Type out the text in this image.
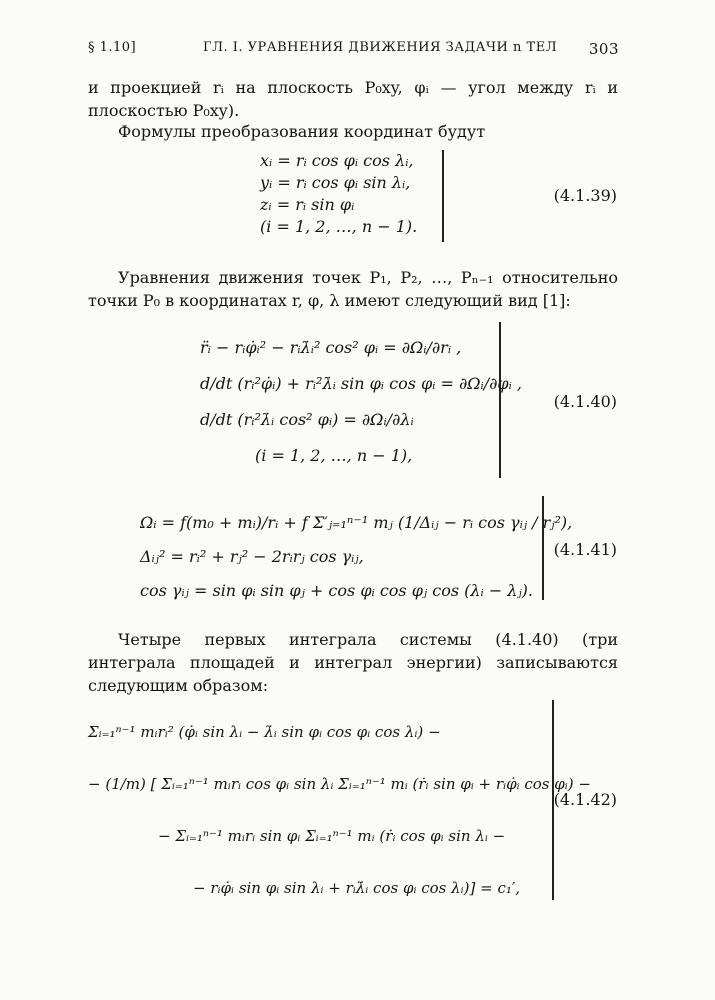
§ 1.10]	ГЛ. I. УРАВНЕНИЯ ДВИЖЕНИЯ ЗАДАЧИ n ТЕЛ 303
и проекцией rᵢ на плоскость P₀xy, φᵢ — угол между rᵢ и плоскостью P₀xy).
Формулы преобразования координат будут
xᵢ = rᵢ cos φᵢ cos λᵢ,
yᵢ = rᵢ cos φᵢ sin λᵢ,
zᵢ = rᵢ sin φᵢ
(i = 1, 2, …, n − 1).
(4.1.39)
Уравнения движения точек P₁, P₂, …, Pₙ₋₁ относительно точки P₀ в координатах r, φ, λ имеют следующий вид [1]:
r̈ᵢ − rᵢφ̇ᵢ² − rᵢλ̇ᵢ² cos² φᵢ = ∂Ωᵢ/∂rᵢ ,
d/dt (rᵢ²φ̇ᵢ) + rᵢ²λ̇ᵢ sin φᵢ cos φᵢ = ∂Ωᵢ/∂φᵢ ,
d/dt (rᵢ²λ̇ᵢ cos² φᵢ) = ∂Ωᵢ/∂λᵢ
(i = 1, 2, …, n − 1),
(4.1.40)
Ωᵢ = f(m₀ + mᵢ)/rᵢ + f Σ′ⱼ₌₁ⁿ⁻¹ mⱼ (1/Δᵢⱼ − rᵢ cos γᵢⱼ / rⱼ²),
Δᵢⱼ² = rᵢ² + rⱼ² − 2rᵢrⱼ cos γᵢⱼ,
cos γᵢⱼ = sin φᵢ sin φⱼ + cos φᵢ cos φⱼ cos (λᵢ − λⱼ).
(4.1.41)
Четыре первых интеграла системы (4.1.40) (три интеграла площадей и интеграл энергии) записываются следующим образом:
Σᵢ₌₁ⁿ⁻¹ mᵢrᵢ² (φ̇ᵢ sin λᵢ − λ̇ᵢ sin φᵢ cos φᵢ cos λᵢ) −
− (1/m) [ Σᵢ₌₁ⁿ⁻¹ mᵢrᵢ cos φᵢ sin λᵢ Σᵢ₌₁ⁿ⁻¹ mᵢ (ṙᵢ sin φᵢ + rᵢφ̇ᵢ cos φᵢ) −
− Σᵢ₌₁ⁿ⁻¹ mᵢrᵢ sin φᵢ Σᵢ₌₁ⁿ⁻¹ mᵢ (ṙᵢ cos φᵢ sin λᵢ −
− rᵢφ̇ᵢ sin φᵢ sin λᵢ + rᵢλ̇ᵢ cos φᵢ cos λᵢ)] = c₁′,
(4.1.42)
